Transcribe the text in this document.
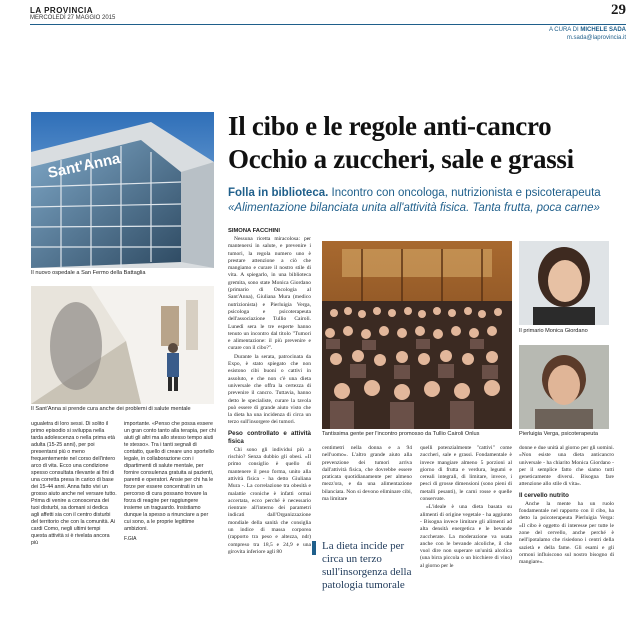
LA PROVINCIA
MERCOLEDÌ 27 MAGGIO 2015	29
A CURA DI MICHELE SADA
m.sada@laprovincia.it
Il cibo e le regole anti-cancro
Occhio a zuccheri, sale e grassi
Folla in biblioteca. Incontro con oncologa, nutrizionista e psicoterapeuta
«Alimentazione bilanciata unita all'attività fisica. Tanta frutta, poca carne»
Sant'Anna
Il nuovo ospedale a San Fermo della Battaglia
Il Sant'Anna si prende cura anche dei problemi di salute mentale
ugualetra di loro sessi. Di solito il primo episodio si sviluppa nella tarda adolescenza o nella prima età adulta (15-25 anni), per poi presentarsi più o meno frequentemente nel corso dell'intero arco di vita. Ecco una condizione spesso consultata rilevante ai fini di una corretta presa in carico di base dei 15-44 anni. Anna fatto vivi un grosso aiuto anche nel versare tutto. Prima di venire a conoscenza dei tuoi disturbi, sa domani si dedica agli affetti sia con il centro disturbi del territorio che con la comunità. Ai cardi Como, negli ultimi tempi questa attività si è rivelata ancora più
importante. «Penso che possa essere un gran conto tanto alla terapia, per chi aiuti gli altri ma allo stesso tempo aiuti te stesso». Tra i tanti segnali di contatto, quello di creare uno sportello legale, in collaborazione con i dipartimenti di salute mentale, per fornire consulenza gratuita ai pazienti, parenti e operatori. Ansie per chi ha le forze per essere concentrati in un percorso di cura possano trovare la forza di reagire per raggiungere insieme un traguardo. Insistiamo dunque la spesso a rinunciare a per cui sono, a le proprie legittime ambizioni.
F.GIA
SIMONA FACCHINI

Nessuna ricetta miracolosa: per mantenersi in salute, e prevenire i tumori, la regola numero uno è prestare attenzione a ciò che mangiamo e curare il nostro stile di vita. A spiegarlo, in una biblioteca gremita, sono state Monica Giordano (primario di Oncologia al Sant'Anna), Giuliana Mura (medico nutrizionista) e Pierluigia Verga, psicologa e psicoterapeuta dell'associazione Tullio Cairoli. Lunedì sera le tre esperte hanno tenuto un incontro dal titolo "Tumori e alimentazione: il più prevenire e curare con il cibo?".

Durante la serata, patrocinata da Expo, è stato spiegato che non esistono cibi buoni o cattivi in assoluto, e che non c'è una dieta universale che offra la certezza di prevenire il cancro. Tuttavia, hanno detto le specialiste, curare la tavola può essere di grande aiuto visto che la dieta ha una incidenza di circa un terzo sull'insorgere dei tumori.

Peso controllato e attività fisica

Chi sono gli individui più a rischio? Senza dubbio gli obesi. «Il primo consiglio è quello di mantenere il peso forma, unito alla attività fisica - ha detto Giuliana Mura -. La correlazione tra obesità e malattie croniche è infatti ormai accertata, ecco perché è necessario rientrare all'interno dei parametri indicati dall'Organizzazione mondiale della sanità che consiglia un indice di massa corporea (rapporto tra peso e altezza, ndr) compreso tra 18,5 e 24,9 e una girovita inferiore agli 80

Tantissima gente per l'incontro promosso da Tullio Cairoli Onlus
Il primario Monica Giordano
Pierluigia Verga, psicoterapeuta

centimetri nella donna e a 94 nell'uomo». L'altro grande aiuto alla prevenzione dei tumori arriva dall'attività fisica, che dovrebbe essere praticata quotidianamente per almeno mezz'ora, e da una alimentazione bilanciata. Non si devono eliminare cibi, ma limitare

La dieta incide per circa un terzo sull'insorgenza della patologia tumorale

quelli potenzialmente "cattivi" come zuccheri, sale e grassi. Fondamentale è invece mangiare almeno 5 porzioni al giorno di frutta e verdura, legumi e cereali integrali, di limitare, invece, i pesci di grosse dimensioni (sono pieni di metalli pesanti), le carni rosse e quelle conservate.

«L'ideale è una dieta basata su alimenti di origine vegetale - ha aggiunto - Bisogna invece limitare gli alimenti ad alta densità energetica e le bevande zuccherate. La moderazione va usata anche con le bevande alcoliche, il che vuol dire non superare un'unità alcolica (una birra piccola o un bicchiere di vino) al giorno per le

donne e due unità al giorno per gli uomini. «Non esiste una dieta anticancro universale - ha chiarito Monica Giordano - per il semplice fatto che siamo tutti geneticamente diversi. Bisogna fare attenzione allo stile di vita».

Il cervello nutrito

Anche la mente ha un ruolo fondamentale nel rapporto con il cibo, ha detto la psicoterapeuta Pierluigia Verga: «Il cibo è oggetto di interesse per tutte le zone del cervello, anche perché è nell'ipotalamo che risiedono i centri della sazietà e della fame. Gli esami e gli ormoni influiscono sul nostro bisogno di mangiare».
